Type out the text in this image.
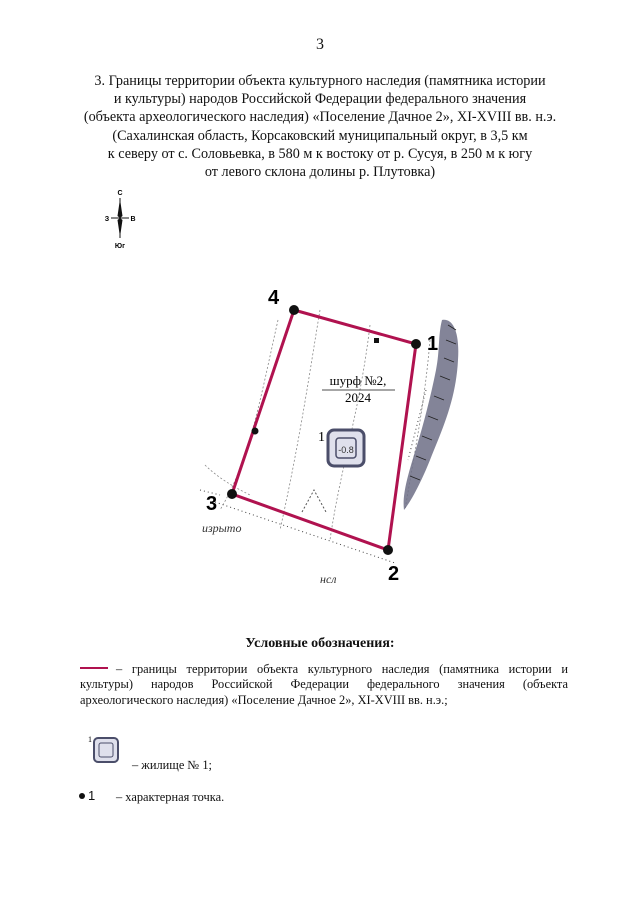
3
3. Границы территории объекта культурного наследия (памятника истории
и культуры) народов Российской Федерации федерального значения
(объекта археологического наследия) «Поселение Дачное 2», XI-XVIII вв. н.э.
(Сахалинская область, Корсаковский муниципальный округ, в 3,5 км
к северу от с. Соловьевка, в 580 м к востоку от р. Сусуя, в 250 м к югу
от левого склона долины р. Плутовка)
С
З	В
Юг
шурф №2,
2024
-0.8
1
изрыто
нсл
1
2
3
4
Условные обозначения:
– границы территории объекта культурного наследия (памятника истории и культуры) народов Российской Федерации федерального значения (объекта археологического наследия) «Поселение Дачное 2», XI-XVIII вв. н.э.;
1
– жилище № 1;
1 – характерная точка.
